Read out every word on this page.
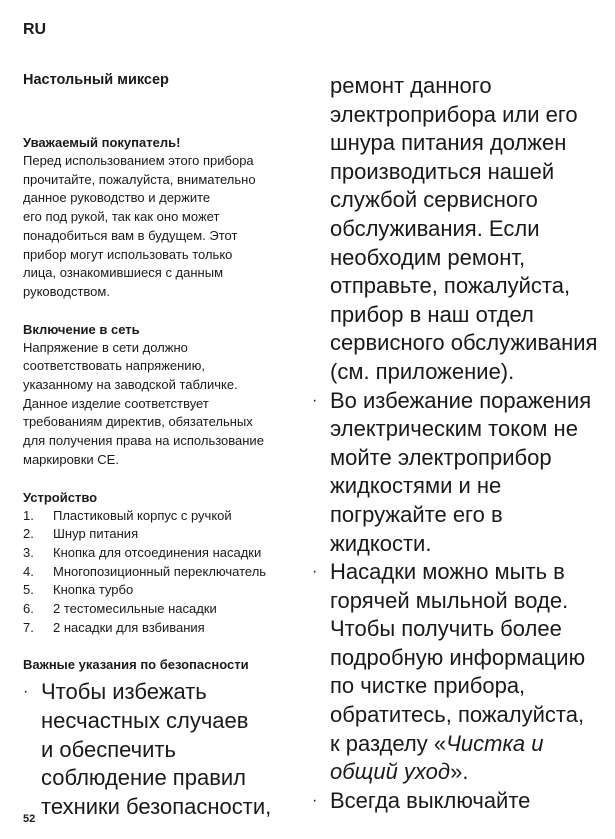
RU

Настольный миксер

Уважаемый покупатель!

Перед использованием этого прибора

прочитайте, пожалуйста, внимательно

данное руководство и держите

его под рукой, так как оно может

понадобиться вам в будущем. Этот

прибор могут использовать только

лица, ознакомившиеся с данным

руководством.

Включение в сеть

Напряжение в сети должно

соответствовать напряжению,

указанному на заводской табличке.

Данное изделие соответствует

требованиям директив, обязательных

для получения права на использование

маркировки CE.

Устройство

1.	Пластиковый корпус с ручкой
2.	Шнур питания
3.	Кнопка для отсоединения насадки
4.	Многопозиционный переключатель
5.	Кнопка турбо
6.	2 тестомесильные насадки
7.	2 насадки для взбивания

Важные указания по безопасности

· Чтобы избежать
несчастных случаев
и обеспечить
соблюдение правил
техники безопасности,

ремонт данного

электроприбора или его

шнура питания должен

производиться нашей

службой сервисного

обслуживания. Если

необходим ремонт,

отправьте, пожалуйста,

прибор в наш отдел

сервисного обслуживания

(см. приложение).

· Во избежание поражения
электрическим током не
мойте электроприбор
жидкостями и не
погружайте его в
жидкости.
· Насадки можно мыть в
горячей мыльной воде.
Чтобы получить более
подробную информацию
по чистке прибора,
обратитесь, пожалуйста,
к разделу «Чистка и
общий уход».
· Всегда выключайте
52
